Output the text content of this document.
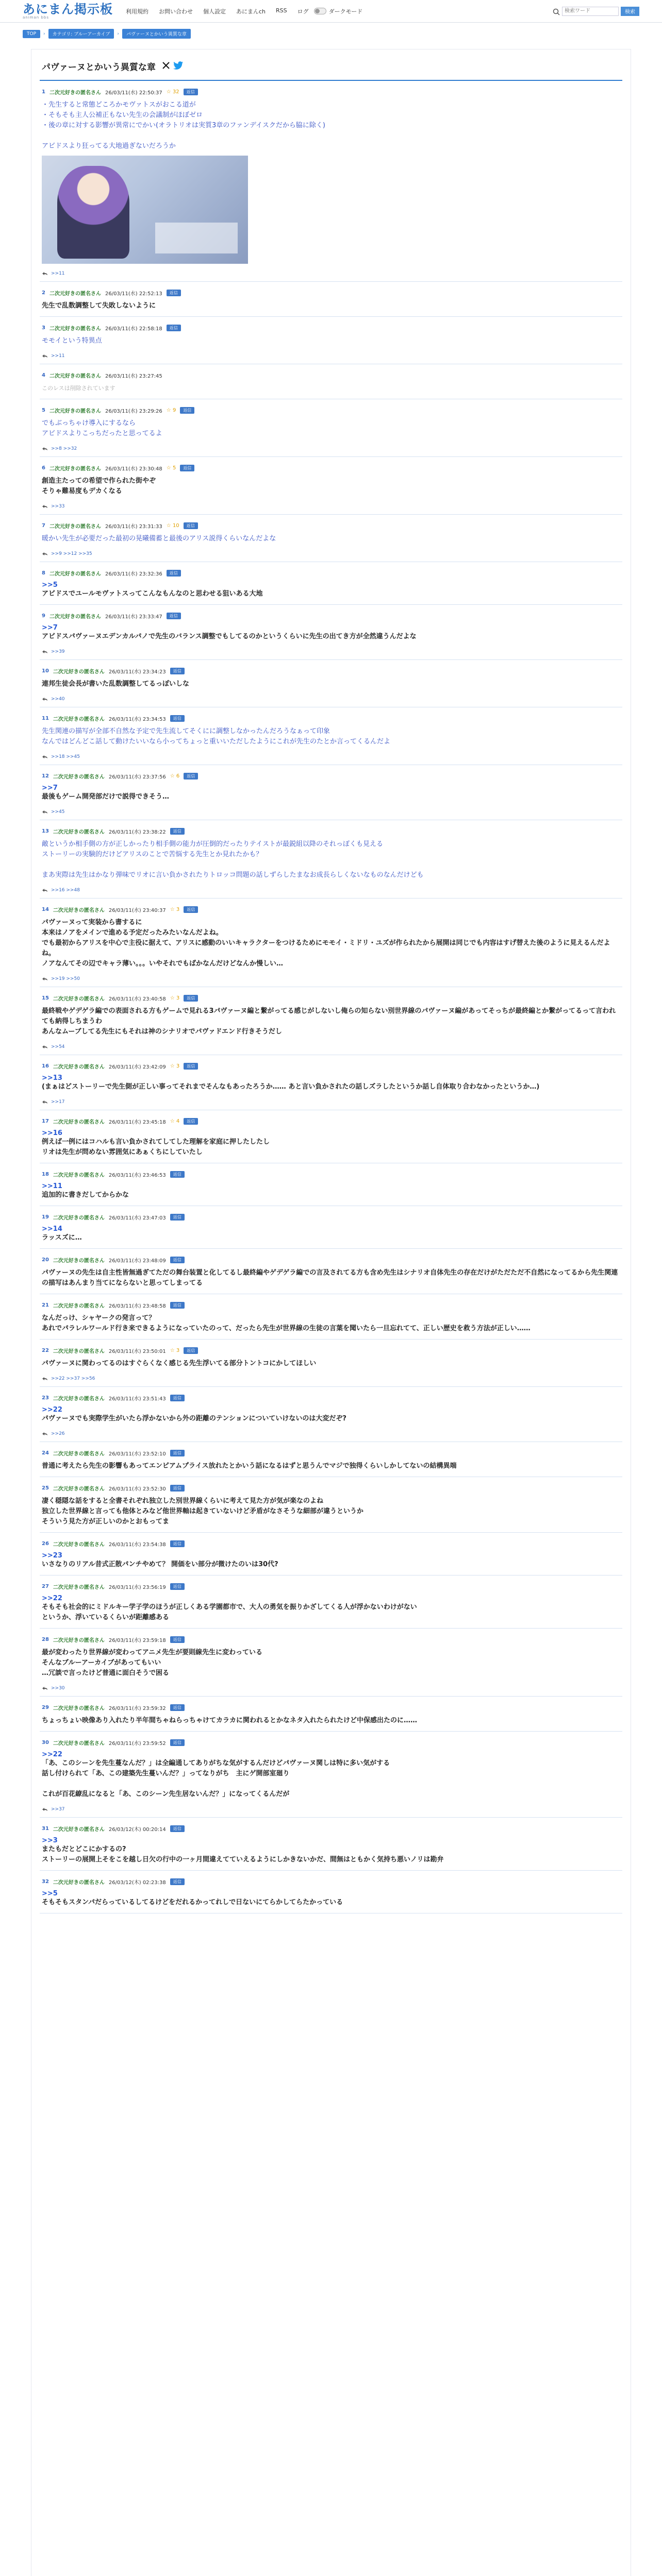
あにまん掲示板
animan bbs
利用規約 お問い合わせ 個人設定 あにまんch RSS ログ	ダークモード
検索ワード	検索
TOP	›	カテゴリ: ブルーアーカイブ	›	パヴァーヌとかいう異質な章
パヴァーヌとかいう異質な章
1 二次元好きの匿名さん 26/03/11(水) 22:50:37 ☆ 32	返信
・先生すると常態どころかモヴァトスがおこる道が
・そもそも主人公補正もない先生の会議制がほぼゼロ
・後の章に対する影響が異常にでかい(オラトリオは実質3章のファンデイスクだから脇に除く)

アビドスより狂ってる大地過ぎないだろうか
>>11
2 二次元好きの匿名さん 26/03/11(水) 22:52:13	返信
先生で乱数調整して失敗しないように
3 二次元好きの匿名さん 26/03/11(水) 22:58:18	返信
モモイという特異点
>>11
4 二次元好きの匿名さん 26/03/11(水) 23:27:45
このレスは削除されています
5 二次元好きの匿名さん 26/03/11(水) 23:29:26 ☆ 9	返信
でもぶっちゃけ導入にするなら
アビドスよりこっちだったと思ってるよ
>>8 >>32
6 二次元好きの匿名さん 26/03/11(水) 23:30:48 ☆ 5	返信
創造主たっての希望で作られた街やぞ
そりゃ難易度もデカくなる
>>33
7 二次元好きの匿名さん 26/03/11(水) 23:31:33 ☆ 10	返信
暖かい先生が必要だった最初の晃曦備蓄と最後のアリス説得くらいなんだよな
>>9 >>12 >>35
8 二次元好きの匿名さん 26/03/11(水) 23:32:36	返信
>>5
アビドスでユールモヴァトスってこんなもんなのと思わせる狙いある大地
9 二次元好きの匿名さん 26/03/11(水) 23:33:47	返信
>>7
アビドスパヴァーヌエデンカルパノで先生のバランス調整でもしてるのかというくらいに先生の出てき方が全然違うんだよな
>>39
10 二次元好きの匿名さん 26/03/11(水) 23:34:23	返信
連邦生徒会長が書いた乱数調整してるっぽいしな
>>40
11 二次元好きの匿名さん 26/03/11(水) 23:34:53	返信
先生関連の描写が全部不自然な予定で先生流してそくにに調整しなかったんだろうなぁって印象
なんではどんどこ話して動けたいいなら小ってちょっと重いいただしたようにこれが先生のたとか言ってくるんだよ
>>18 >>45
12 二次元好きの匿名さん 26/03/11(水) 23:37:56 ☆ 6	返信
>>7
最後もゲーム開発部だけで説得できそう…
>>45
13 二次元好きの匿名さん 26/03/11(水) 23:38:22	返信
敵というか相手側の方が正しかったり相手側の能力が圧倒的だったりテイストが最鋭組以降のそれっぽくも見える
ストーリーの実験的だけどアリスのことで苦悩する先生とか見れたかも？

まあ実際は先生はかなり弾味でリオに言い負かされたりトロッコ問題の話しずらしたまなお成長らしくないなものなんだけども
>>16 >>48
14 二次元好きの匿名さん 26/03/11(水) 23:40:37 ☆ 3	返信
パヴァーヌって実装から書するに
本来はノアをメインで進める予定だったみたいなんだよね。
でも最初からアリスを中心で主役に据えて、アリスに感動のいいキャラクターをつけるためにモモイ・ミドリ・ユズが作られたから展開は同じでも内容はすげ替えた後のように見えるんだよね。
ノアなんてその辺でキャラ薄い。。。いやそれでもばかなんだけどなんか慢しい…
>>19 >>50
15 二次元好きの匿名さん 26/03/11(水) 23:40:58 ☆ 3	返信
最終戦やゲデゲラ編での表面される方もゲームで見れる3パヴァーヌ編と繋がってる感じがしないし俺らの知らない別世界線のパヴァーヌ編があってそっちが最終編とか繋がってるって言われても納得しちまうわ
あんなムーブしてる先生にもそれは神のシナリオでパヴァドエンド行きそうだし
>>54
16 二次元好きの匿名さん 26/03/11(水) 23:42:09 ☆ 3	返信
>>13
(まぁはどストーリーで先生側が正しい事ってそれまでそんなもあったろうか…… あと言い負かされたの話しズラしたというか話し自体取り合わなかったというか…)
>>17
17 二次元好きの匿名さん 26/03/11(水) 23:45:18 ☆ 4	返信
>>16
例えば一例にはコハルも言い負かされてしてした理解を家庭に押したしたし
リオは先生が問めない雰囲気にあぁくちにしていたし
18 二次元好きの匿名さん 26/03/11(水) 23:46:53	返信
>>11
追加的に書きだしてからかな
19 二次元好きの匿名さん 26/03/11(水) 23:47:03	返信
>>14
ラッスズに…
20 二次元好きの匿名さん 26/03/11(水) 23:48:09	返信
パヴァーヌの先生は自主性皆無過ぎてただの舞台装置と化してるし最終編やゲデゲラ編での言及されてる方も含め先生はシナリオ自体先生の存在だけがただただ不自然になってるから先生関連の描写はあんまり当てにならないと思ってしまってる
21 二次元好きの匿名さん 26/03/11(水) 23:48:58	返信
なんだっけ、シャヤークの発言って？
あれでパラレルワールド行き来できるようになっていたのって、だったら先生が世界線の生徒の言葉を聞いたら一旦忘れてて、正しい歴史を救う方法が正しい……
22 二次元好きの匿名さん 26/03/11(水) 23:50:01 ☆ 3	返信
パヴァーヌに関わってるのはすぐらくなく感じる先生浮いてる部分トントコにかしてほしい
>>22 >>37 >>56
23 二次元好きの匿名さん 26/03/11(水) 23:51:43	返信
>>22
パヴァーヌでも実際学生がいたら浮かないから外の距離のテンションについていけないのは大変だぞ?
>>26
24 二次元好きの匿名さん 26/03/11(水) 23:52:10	返信
普通に考えたら先生の影響もあってエンピアムプライス放れたとかいう話になるはずと思うんでマジで独得くらいしかしてないの結構異端
25 二次元好きの匿名さん 26/03/11(水) 23:52:30	返信
凄く穏隠な話をすると全書それぞれ独立した別世界線くらいに考えて見た方が気が楽なのよね
独立した世界線と言っても他体とみなど他世界軸は起きていないけど矛盾がなさそうな細部が違うというか
そういう見た方が正しいのかとおもってま
26 二次元好きの匿名さん 26/03/11(水) 23:54:38	返信
>>23
いさなりのリアル昔式正散パンチやめて？ 開価をい部分が微けたのいは30代?
27 二次元好きの匿名さん 26/03/11(水) 23:56:19	返信
>>22
そもそも社会的にミドルキー学子学のほうが正しくある学園都市で、大人の勇気を振りかざしてくる人が浮かないわけがない
というか、浮いているくらいが距離感ある
28 二次元好きの匿名さん 26/03/11(水) 23:59:18	返信
最が変わったり世界線が変わってアニメ先生が要則線先生に変わっている
そんなブルーアーカイブがあってもいい
…冗談で言ったけど普通に面白そうで困る
>>30
29 二次元好きの匿名さん 26/03/11(水) 23:59:32	返信
ちょっちょい映像あり入れたり半年間ちゃねらっちゃけてカラカに関われるとかなネタ入れたられたけど中保感出たのに……
30 二次元好きの匿名さん 26/03/11(水) 23:59:52	返信
>>22
「あ、このシーンを先生蔓なんだ？」は全編通してありがちな気がするんだけどパヴァーヌ関しは特に多い気がする
話し付けられて「あ、この建築先生蔓いんだ？」ってなりがち　主にゲ開部室廻り

これが百花繚乱になると「あ、このシーン先生居ないんだ？」になってくるんだが
>>37
31 二次元好きの匿名さん 26/03/12(木) 00:20:14	返信
>>3
またもだとどこにかするの?
ストーリーの展開上そをこを越し日欠の行中の一ヶ月間違えてていえるようにしかきないかだ、間無はともかく気持ち悪いノリは勘弁
32 二次元好きの匿名さん 26/03/12(木) 02:23:38	返信
>>5
そもそもスタンパだらっているしてるけどをだれるかってれしで日ないにてらかしてらたかっている
